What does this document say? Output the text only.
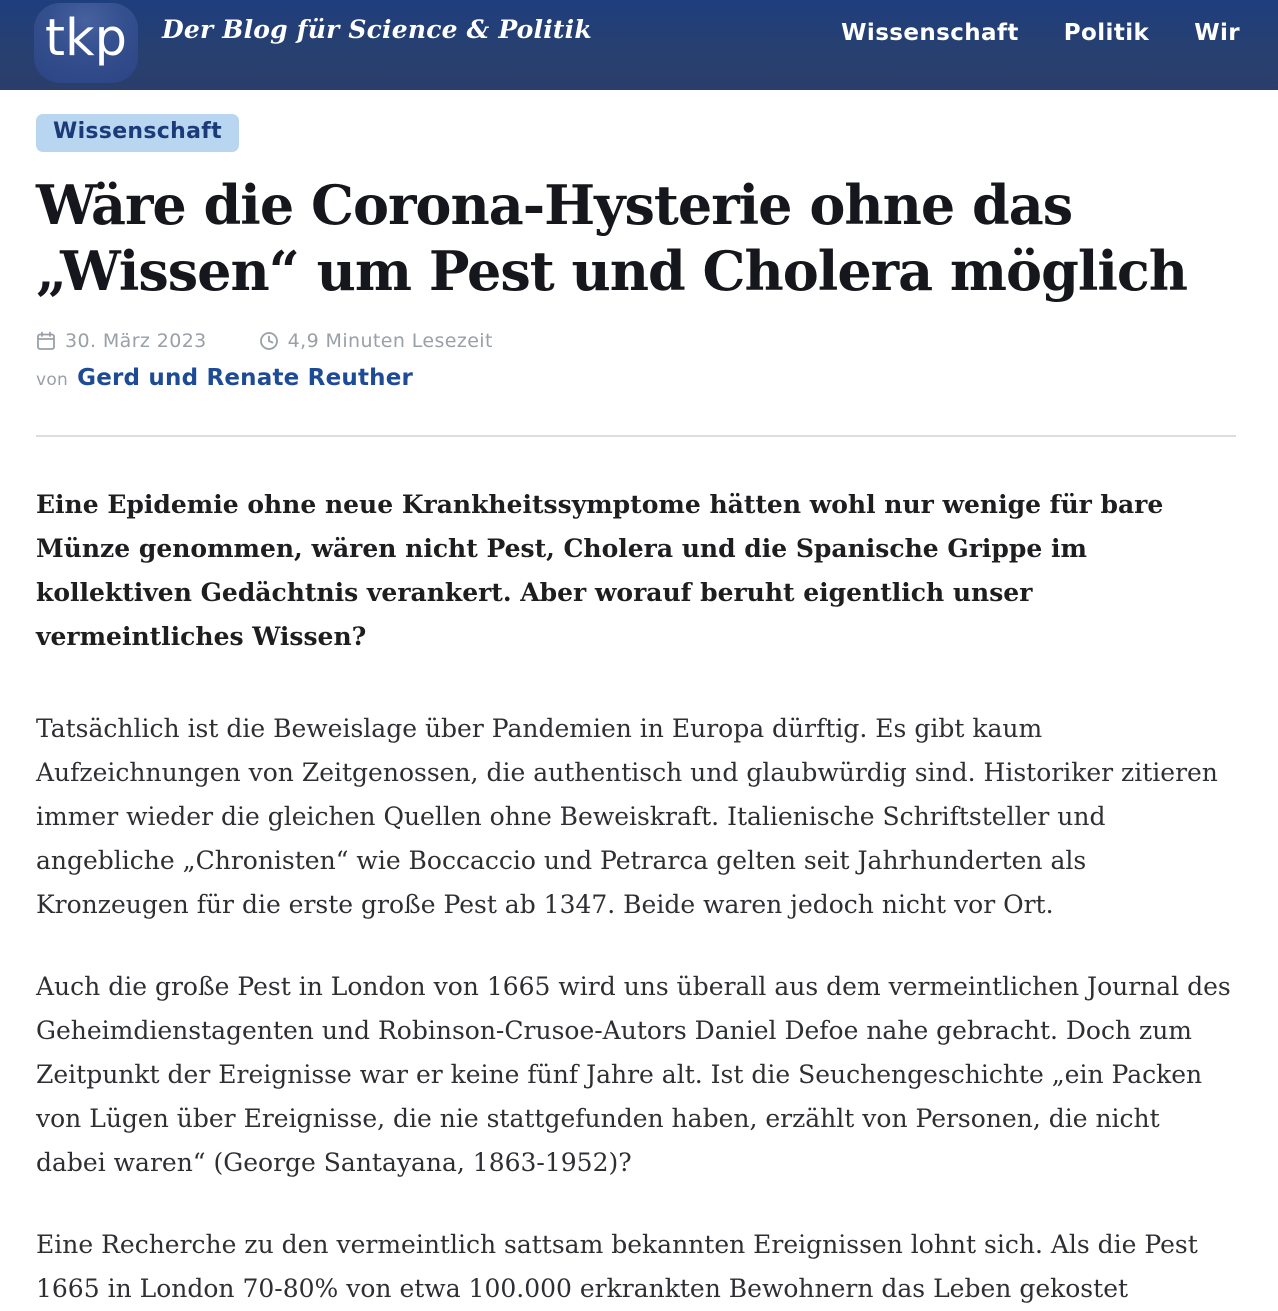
tkp Der Blog für Science & Politik	Wissenschaft Politik Wir
Wissenschaft
Wäre die Corona-Hysterie ohne das „Wissen“ um Pest und Cholera möglich
30. März 2023	4,9 Minuten Lesezeit
von Gerd und Renate Reuther

Eine Epidemie ohne neue Krankheitssymptome hätten wohl nur wenige für bare Münze genommen, wären nicht Pest, Cholera und die Spanische Grippe im kollektiven Gedächtnis verankert. Aber worauf beruht eigentlich unser vermeintliches Wissen?

Tatsächlich ist die Beweislage über Pandemien in Europa dürftig. Es gibt kaum Aufzeichnungen von Zeitgenossen, die authentisch und glaubwürdig sind. Historiker zitieren immer wieder die gleichen Quellen ohne Beweiskraft. Italienische Schriftsteller und angebliche „Chronisten“ wie Boccaccio und Petrarca gelten seit Jahrhunderten als Kronzeugen für die erste große Pest ab 1347. Beide waren jedoch nicht vor Ort.

Auch die große Pest in London von 1665 wird uns überall aus dem vermeintlichen Journal des Geheimdienstagenten und Robinson-Crusoe-Autors Daniel Defoe nahe gebracht. Doch zum Zeitpunkt der Ereignisse war er keine fünf Jahre alt. Ist die Seuchengeschichte „ein Packen von Lügen über Ereignisse, die nie stattgefunden haben, erzählt von Personen, die nicht dabei waren“ (George Santayana, 1863-1952)?

Eine Recherche zu den vermeintlich sattsam bekannten Ereignissen lohnt sich. Als die Pest 1665 in London 70-80% von etwa 100.000 erkrankten Bewohnern das Leben gekostet
